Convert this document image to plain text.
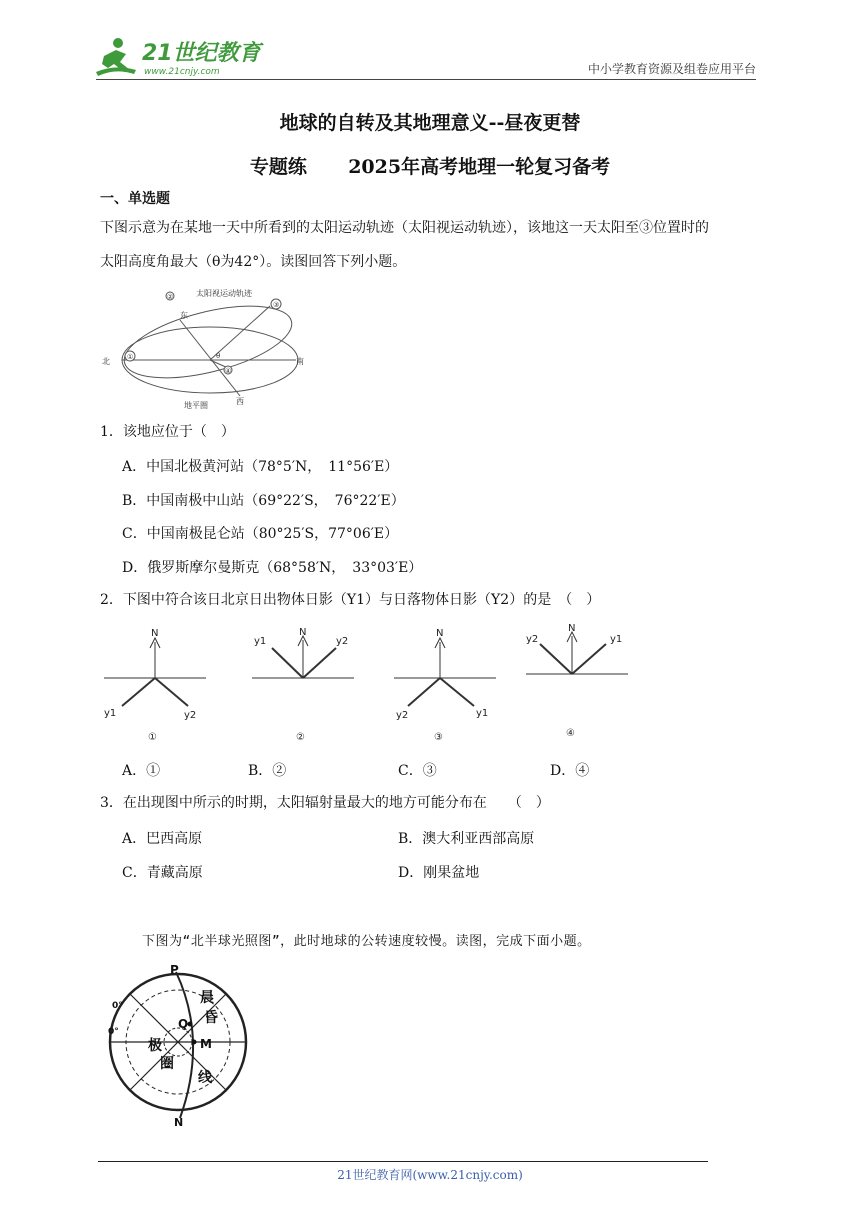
21世纪教育
www.21cnjy.com	中小学教育资源及组卷应用平台
地球的自转及其地理意义--昼夜更替
专题练 2025年高考地理一轮复习备考
一、单选题
下图示意为在某地一天中所看到的太阳运动轨迹（太阳视运动轨迹），该地这一天太阳至③位置时的
太阳高度角最大（θ为42°）。读图回答下列小题。
①
②
③
④
θ
太阳视运动轨迹
地平圈
北	南
东
西
1．该地应位于（　）
A．中国北极黄河站（78°5′N，　11°56′E）
B．中国南极中山站（69°22′S，　76°22′E）
C．中国南极昆仑站（80°25′S，77°06′E）
D．俄罗斯摩尔曼斯克（68°58′N，　33°03′E）
2．下图中符合该日北京日出物体日影（Y1）与日落物体日影（Y2）的是　（　）
N
y1	y2
①
N
y1	y2
②
N
y2	y1
③
N
y2	y1
④
A．①	B．②	C．③	D．④
3．在出现图中所示的时期，太阳辐射量最大的地方可能分布在　　（　）
A．巴西高原	B．澳大利亚西部高原
C．青藏高原	D．刚果盆地
下图为“北半球光照图”，此时地球的公转速度较慢。读图，完成下面小题。
P
Q
M
N
0°
0°
晨
昏
线
极
圈
21世纪教育网(www.21cnjy.com)
